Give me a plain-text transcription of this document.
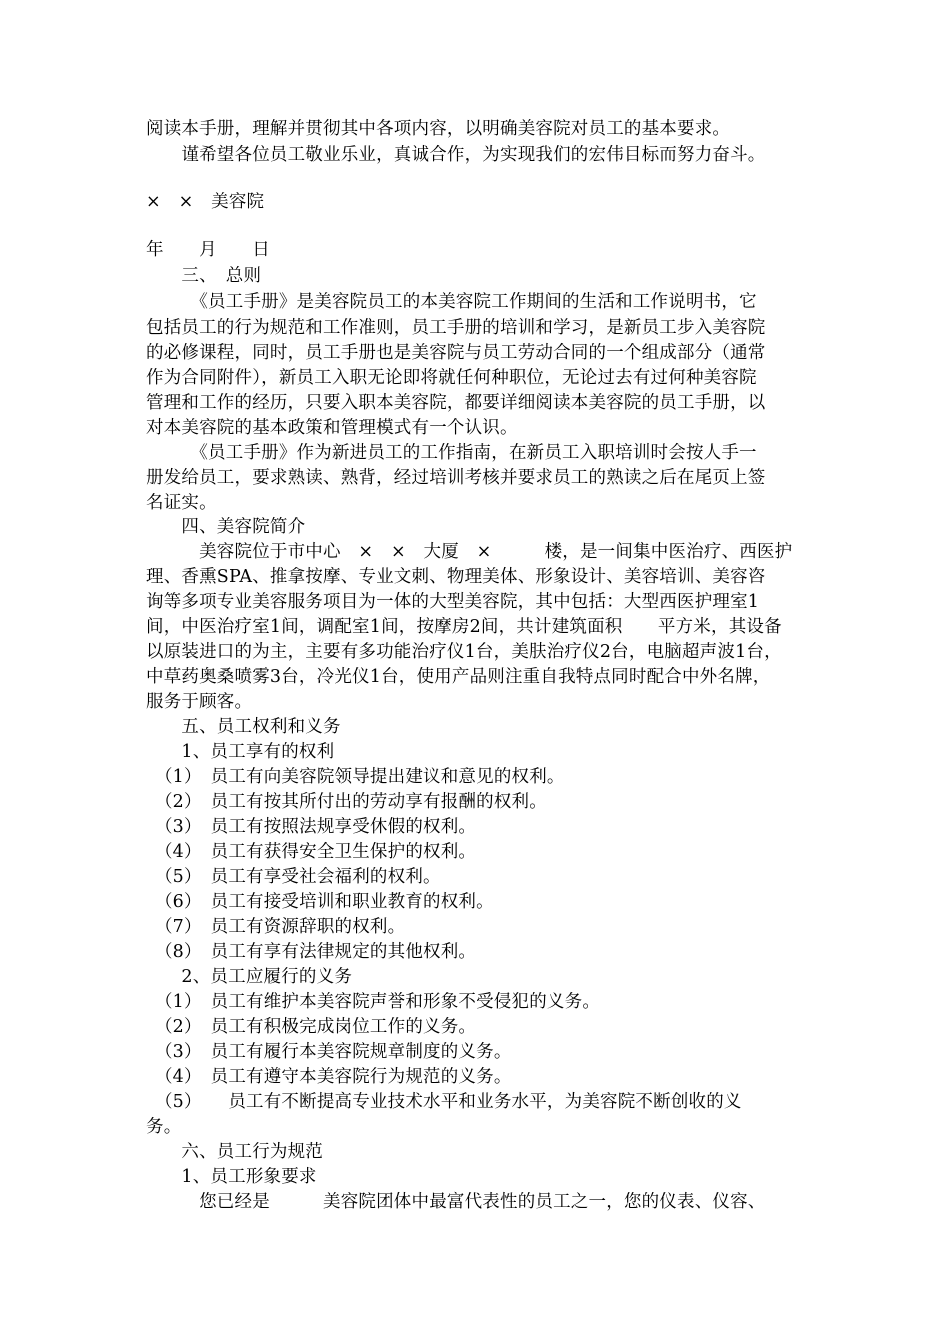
阅读本手册，理解并贯彻其中各项内容，以明确美容院对员工的基本要求。
　　谨希望各位员工敬业乐业，真诚合作，为实现我们的宏伟目标而努力奋斗。
×　×　美容院
年　　月　　日
　　三、　总则
　　　《员工手册》是美容院员工的本美容院工作期间的生活和工作说明书，它
包括员工的行为规范和工作准则，员工手册的培训和学习，是新员工步入美容院
的必修课程，同时，员工手册也是美容院与员工劳动合同的一个组成部分（通常
作为合同附件），新员工入职无论即将就任何种职位，无论过去有过何种美容院
管理和工作的经历，只要入职本美容院，都要详细阅读本美容院的员工手册，以
对本美容院的基本政策和管理模式有一个认识。
　　　《员工手册》作为新进员工的工作指南，在新员工入职培训时会按人手一
册发给员工，要求熟读、熟背，经过培训考核并要求员工的熟读之后在尾页上签
名证实。
　　四、美容院简介
　　　美容院位于市中心　×　×　大厦　×　　　楼，是一间集中医治疗、西医护
理、香熏SPA、推拿按摩、专业文刺、物理美体、形象设计、美容培训、美容咨
询等多项专业美容服务项目为一体的大型美容院，其中包括：大型西医护理室1
间，中医治疗室1间，调配室1间，按摩房2间，共计建筑面积　　平方米，其设备
以原装进口的为主，主要有多功能治疗仪1台，美肤治疗仪2台，电脑超声波1台，
中草药奥桑喷雾3台，冷光仪1台，使用产品则注重自我特点同时配合中外名牌，
服务于顾客。
　　五、员工权利和义务
　　1、员工享有的权利
　（1）　员工有向美容院领导提出建议和意见的权利。
　（2）　员工有按其所付出的劳动享有报酬的权利。
　（3）　员工有按照法规享受休假的权利。
　（4）　员工有获得安全卫生保护的权利。
　（5）　员工有享受社会福利的权利。
　（6）　员工有接受培训和职业教育的权利。
　（7）　员工有资源辞职的权利。
　（8）　员工有享有法律规定的其他权利。
　　2、员工应履行的义务
　（1）　员工有维护本美容院声誉和形象不受侵犯的义务。
　（2）　员工有积极完成岗位工作的义务。
　（3）　员工有履行本美容院规章制度的义务。
　（4）　员工有遵守本美容院行为规范的义务。
　（5）　　员工有不断提高专业技术水平和业务水平，为美容院不断创收的义
务。
　　六、员工行为规范
　　1、员工形象要求
　　　您已经是　　　美容院团体中最富代表性的员工之一，您的仪表、仪容、
